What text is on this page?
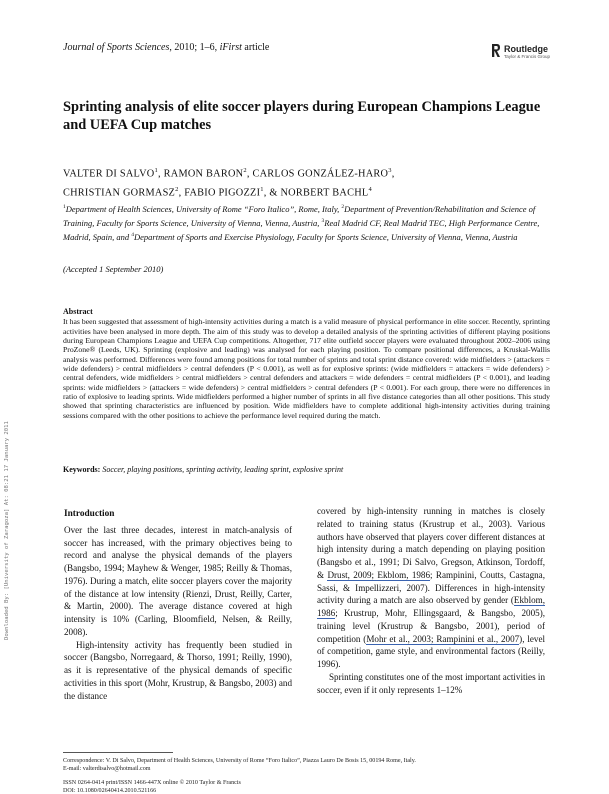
Downloaded By: [University of Zaragoza] At: 08:21 17 January 2011
Journal of Sports Sciences, 2010; 1–6, iFirst article	Routledge
Taylor & Francis Group
Sprinting analysis of elite soccer players during European Champions League and UEFA Cup matches
VALTER DI SALVO$^1$, RAMON BARON$^2$, CARLOS GONZÁLEZ-HARO$^3$,
CHRISTIAN GORMASZ$^2$, FABIO PIGOZZI$^1$, & NORBERT BACHL$^4$
$^1$Department of Health Sciences, University of Rome “Foro Italico”, Rome, Italy, $^2$Department of Prevention/Rehabilitation and Science of Training, Faculty for Sports Science, University of Vienna, Vienna, Austria, $^3$Real Madrid CF, Real Madrid TEC, High Performance Centre, Madrid, Spain, and $^4$Department of Sports and Exercise Physiology, Faculty for Sports Science, University of Vienna, Vienna, Austria
(Accepted 1 September 2010)
Abstract
It has been suggested that assessment of high-intensity activities during a match is a valid measure of physical performance in elite soccer. Recently, sprinting activities have been analysed in more depth. The aim of this study was to develop a detailed analysis of the sprinting activities of different playing positions during European Champions League and UEFA Cup competitions. Altogether, 717 elite outfield soccer players were evaluated throughout 2002–2006 using ProZone® (Leeds, UK). Sprinting (explosive and leading) was analysed for each playing position. To compare positional differences, a Kruskal-Wallis analysis was performed. Differences were found among positions for total number of sprints and total sprint distance covered: wide midfielders > (attackers = wide defenders) > central midfielders > central defenders (P < 0.001), as well as for explosive sprints: (wide midfielders = attackers = wide defenders) > central defenders, wide midfielders > central midfielders > central defenders and attackers = wide defenders = central midfielders (P < 0.001), and leading sprints: wide midfielders > (attackers = wide defenders) > central midfielders > central defenders (P < 0.001). For each group, there were no differences in ratio of explosive to leading sprints. Wide midfielders performed a higher number of sprints in all five distance categories than all other positions. This study showed that sprinting characteristics are influenced by position. Wide midfielders have to complete additional high-intensity activities during training sessions compared with the other positions to achieve the performance level required during the match.
Keywords: Soccer, playing positions, sprinting activity, leading sprint, explosive sprint
Introduction

Over the last three decades, interest in match-analysis of soccer has increased, with the primary objectives being to record and analyse the physical demands of the players (Bangsbo, 1994; Mayhew & Wenger, 1985; Reilly & Thomas, 1976). During a match, elite soccer players cover the majority of the distance at low intensity (Rienzi, Drust, Reilly, Carter, & Martin, 2000). The average distance covered at high intensity is 10% (Carling, Bloomfield, Nelsen, & Reilly, 2008).

High-intensity activity has frequently been studied in soccer (Bangsbo, Norregaard, & Thorso, 1991; Reilly, 1990), as it is representative of the physical demands of specific activities in this sport (Mohr, Krustrup, & Bangsbo, 2003) and the distance

covered by high-intensity running in matches is closely related to training status (Krustrup et al., 2003). Various authors have observed that players cover different distances at high intensity during a match depending on playing position (Bangsbo et al., 1991; Di Salvo, Gregson, Atkinson, Tordoff, & Drust, 2009; Ekblom, 1986; Rampinini, Coutts, Castagna, Sassi, & Impellizzeri, 2007). Differences in high-intensity activity during a match are also observed by gender (Ekblom, 1986; Krustrup, Mohr, Ellingsgaard, & Bangsbo, 2005), training level (Krustrup & Bangsbo, 2001), period of competition (Mohr et al., 2003; Rampinini et al., 2007), level of competition, game style, and environmental factors (Reilly, 1996).

Sprinting constitutes one of the most important activities in soccer, even if it only represents 1–12%

Correspondence: V. Di Salvo, Department of Health Sciences, University of Rome “Foro Italico”, Piazza Lauro De Bosis 15, 00194 Rome, Italy.
E-mail: valterdisalvo@hotmail.com
ISSN 0264-0414 print/ISSN 1466-447X online © 2010 Taylor & Francis
DOI: 10.1080/02640414.2010.521166
